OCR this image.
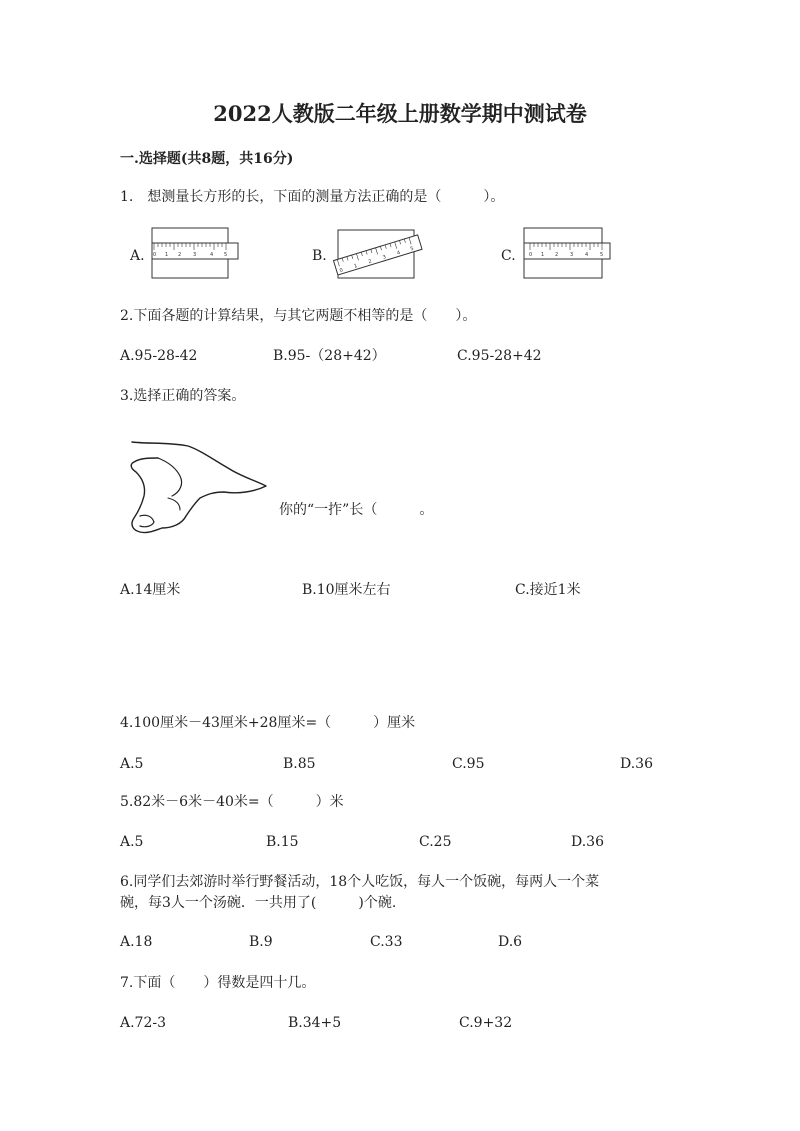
2022人教版二年级上册数学期中测试卷
一.选择题(共8题，共16分)
1.　想测量长方形的长，下面的测量方法正确的是（　　　）。
A.	B.	C.
0 1 2 3	4 5
0
1
2
3
4
5
0 1 2 3 4 5
2.下面各题的计算结果，与其它两题不相等的是（　　）。
A.95-28-42	B.95-（28+42）	C.95-28+42
3.选择正确的答案。
你的“一拃”长（　　　。
A.14厘米	B.10厘米左右	C.接近1米
4.100厘米－43厘米+28厘米=（　　　）厘米
A.5	B.85	C.95	D.36
5.82米－6米－40米=（　　　）米
A.5	B.15	C.25	D.36
6.同学们去郊游时举行野餐活动，18个人吃饭，每人一个饭碗，每两人一个菜
碗，每3人一个汤碗．一共用了(　　　)个碗.
A.18	B.9	C.33	D.6
7.下面（　　）得数是四十几。
A.72-3	B.34+5	C.9+32
